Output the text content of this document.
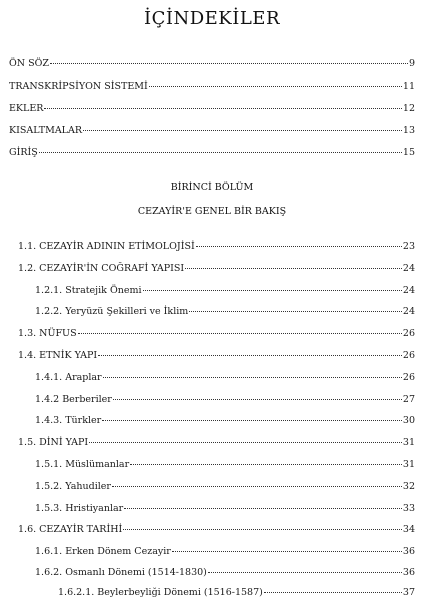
İÇİNDEKİLER
ÖN SÖZ	9
TRANSKRİPSİYON SİSTEMİ	11
EKLER	12
KISALTMALAR	13
GİRİŞ	15
BİRİNCİ BÖLÜM
CEZAYİR'E GENEL BİR BAKIŞ
1.1. CEZAYİR ADININ ETİMOLOJİSİ	23
1.2. CEZAYİR'İN COĞRAFİ YAPISI	24
1.2.1. Stratejik Önemi	24
1.2.2. Yeryüzü Şekilleri ve İklim	24
1.3. NÜFUS	26
1.4. ETNİK YAPI	26
1.4.1. Araplar	26
1.4.2 Berberiler	27
1.4.3. Türkler	30
1.5. DİNİ YAPI	31
1.5.1. Müslümanlar	31
1.5.2. Yahudiler	32
1.5.3. Hristiyanlar	33
1.6. CEZAYİR TARİHİ	34
1.6.1. Erken Dönem Cezayir	36
1.6.2. Osmanlı Dönemi (1514-1830)	36
1.6.2.1. Beylerbeyliği Dönemi (1516-1587)	37
